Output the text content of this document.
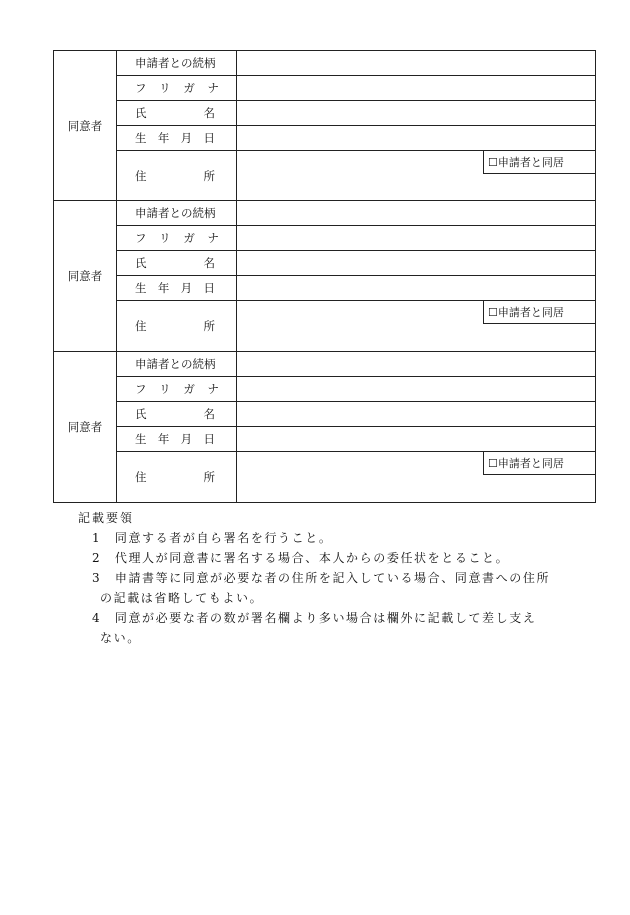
同意者
申請者との続柄
フ リ ガ ナ
氏	名
生 年 月 日
住	所
☐申請者と同居
同意者
申請者との続柄
フ リ ガ ナ
氏	名
生 年 月 日
住	所
☐申請者と同居
同意者
申請者との続柄
フ リ ガ ナ
氏	名
生 年 月 日
住	所
☐申請者と同居
記載要領

1　 同意する者が自ら署名を行うこと。

2　 代理人が同意書に署名する場合、本人からの委任状をとること。

3　 申請書等に同意が必要な者の住所を記入している場合、同意書への住所

の記載は省略してもよい。

4　 同意が必要な者の数が署名欄より多い場合は欄外に記載して差し支え

ない。
